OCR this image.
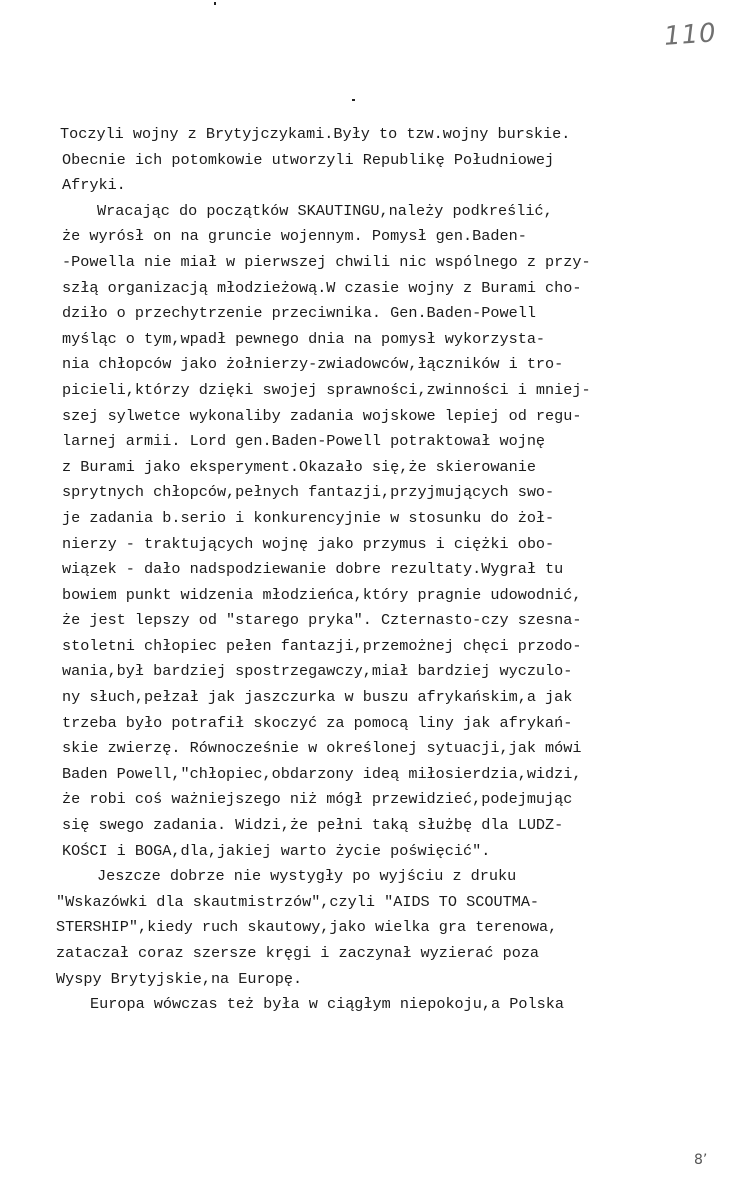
110
Toczyli wojny z Brytyjczykami.Były to tzw.wojny burskie.
Obecnie ich potomkowie utworzyli Republikę Południowej
Afryki.
Wracając do początków SKAUTINGU,należy podkreślić,
że wyrósł on na gruncie wojennym. Pomysł gen.Baden-
-Powella nie miał w pierwszej chwili nic wspólnego z przy-
szłą organizacją młodzieżową.W czasie wojny z Burami cho-
dziło o przechytrzenie przeciwnika. Gen.Baden-Powell
myśląc o tym,wpadł pewnego dnia na pomysł wykorzysta-
nia chłopców jako żołnierzy-zwiadowców,łączników i tro-
picieli,którzy dzięki swojej sprawności,zwinności i mniej-
szej sylwetce wykonaliby zadania wojskowe lepiej od regu-
larnej armii. Lord gen.Baden-Powell potraktował wojnę
z Burami jako eksperyment.Okazało się,że skierowanie
sprytnych chłopców,pełnych fantazji,przyjmujących swo-
je zadania b.serio i konkurencyjnie w stosunku do żoł-
nierzy - traktujących wojnę jako przymus i ciężki obo-
wiązek - dało nadspodziewanie dobre rezultaty.Wygrał tu
bowiem punkt widzenia młodzieńca,który pragnie udowodnić,
że jest lepszy od "starego pryka". Czternasto-czy szesna-
stoletni chłopiec pełen fantazji,przemożnej chęci przodo-
wania,był bardziej spostrzegawczy,miał bardziej wyczulo-
ny słuch,pełzał jak jaszczurka w buszu afrykańskim,a jak
trzeba było potrafił skoczyć za pomocą liny jak afrykań-
skie zwierzę. Równocześnie w określonej sytuacji,jak mówi
Baden Powell,"chłopiec,obdarzony ideą miłosierdzia,widzi,
że robi coś ważniejszego niż mógł przewidzieć,podejmując
się swego zadania. Widzi,że pełni taką służbę dla LUDZ-
KOŚCI i BOGA,dla,jakiej warto życie poświęcić".
Jeszcze dobrze nie wystygły po wyjściu z druku
"Wskazówki dla skautmistrzów",czyli "AIDS TO SCOUTMA-
STERSHIP",kiedy ruch skautowy,jako wielka gra terenowa,
zataczał coraz szersze kręgi i zaczynał wyzierać poza
Wyspy Brytyjskie,na Europę.
Europa wówczas też była w ciągłym niepokoju,a Polska
8’
